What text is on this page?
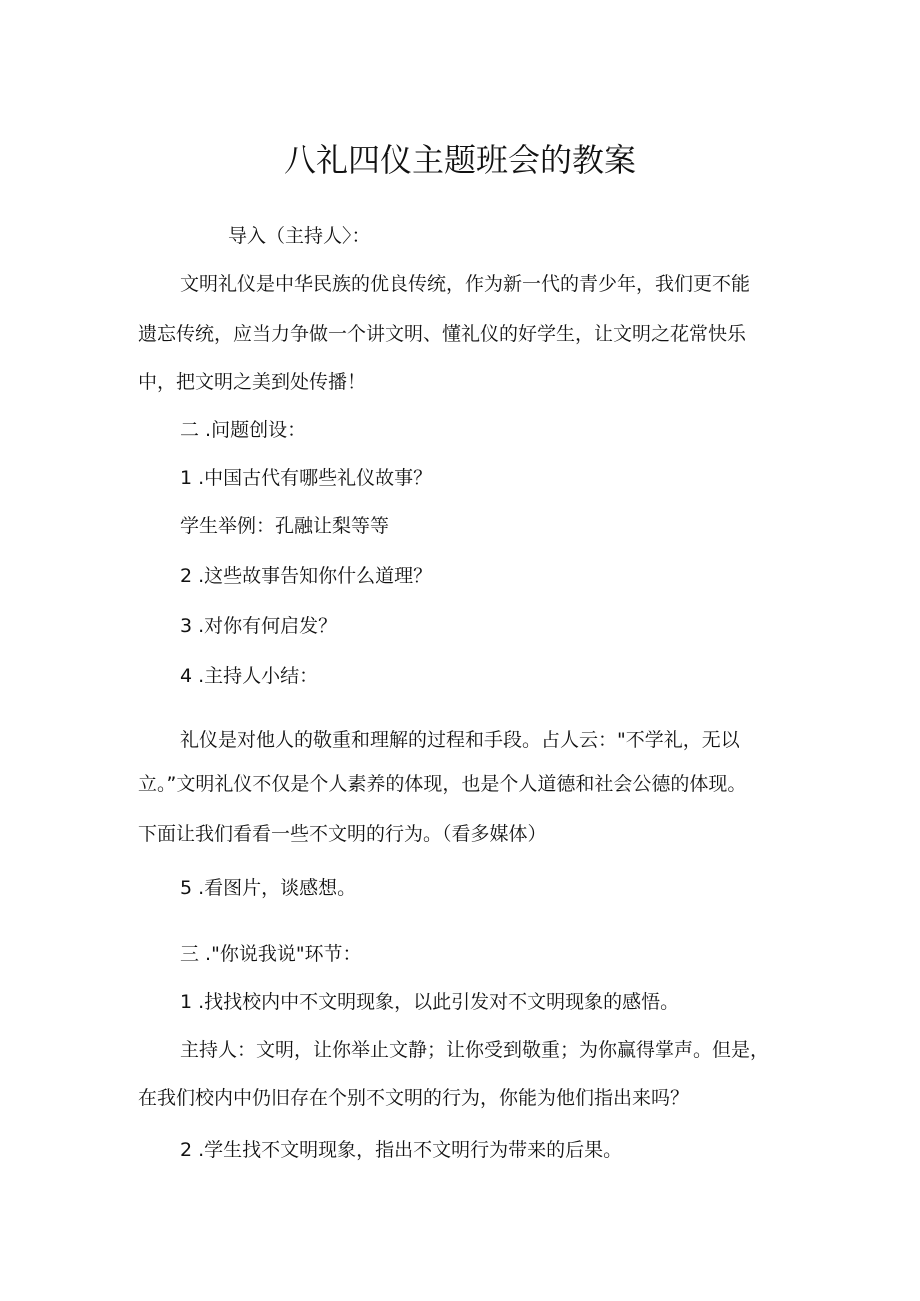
八礼四仪主题班会的教案
导入（主持人〉：
文明礼仪是中华民族的优良传统，作为新一代的青少年，我们更不能
遗忘传统，应当力争做一个讲文明、懂礼仪的好学生，让文明之花常快乐
中，把文明之美到处传播！
二 .问题创设：
1 .中国古代有哪些礼仪故事？
学生举例：孔融让梨等等
2 .这些故事告知你什么道理？
3 .对你有何启发？
4 .主持人小结：
礼仪是对他人的敬重和理解的过程和手段。占人云："不学礼，无以
立。”文明礼仪不仅是个人素养的体现，也是个人道德和社会公德的体现。
下面让我们看看一些不文明的行为。（看多媒体）
5 .看图片，谈感想。
三 ."你说我说"环节：
1 .找找校内中不文明现象，以此引发对不文明现象的感悟。
主持人：文明，让你举止文静；让你受到敬重；为你赢得掌声。但是，
在我们校内中仍旧存在个别不文明的行为，你能为他们指出来吗？
2 .学生找不文明现象，指出不文明行为带来的后果。
